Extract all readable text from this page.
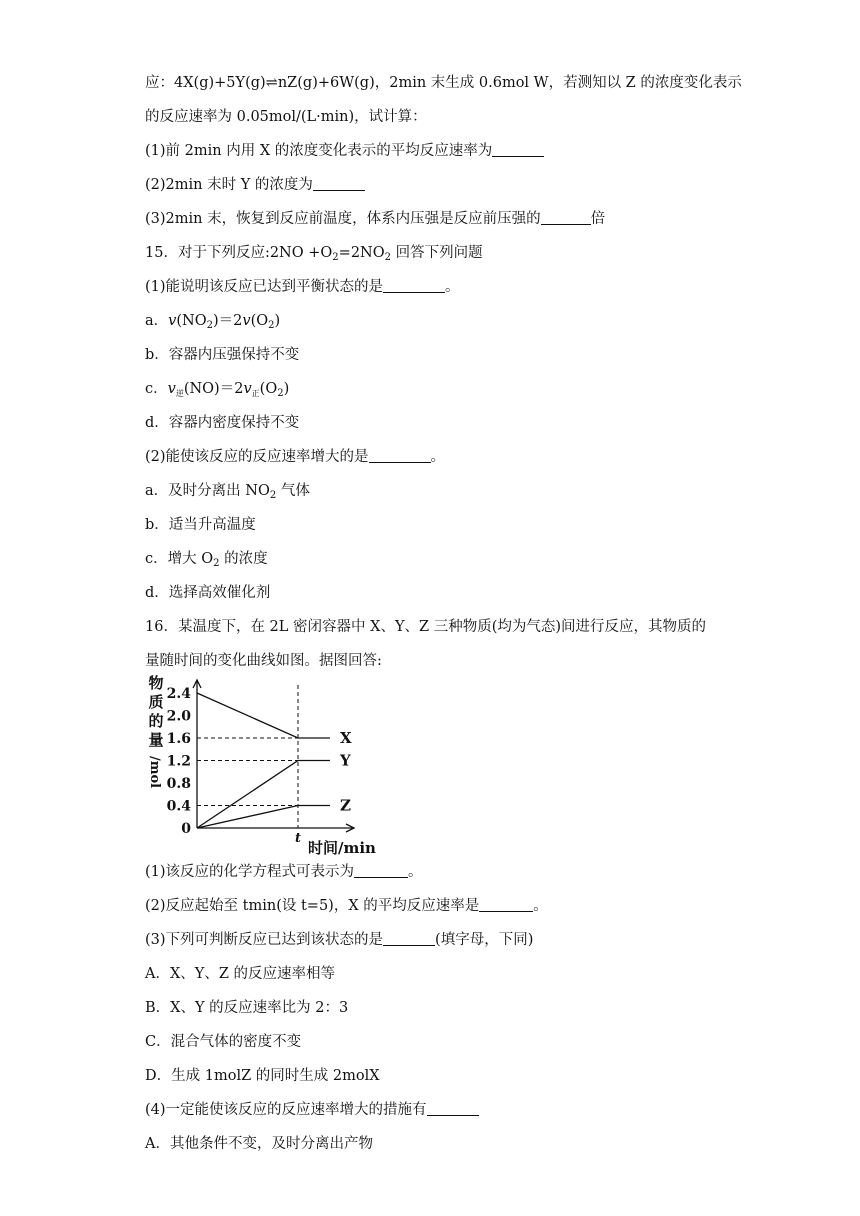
应：4X(g)+5Y(g)⇌nZ(g)+6W(g)，2min 末生成 0.6mol W，若测知以 Z 的浓度变化表示
的反应速率为 0.05mol/(L·min)，试计算：
(1)前 2min 内用 X 的浓度变化表示的平均反应速率为
(2)2min 末时 Y 的浓度为
(3)2min 末，恢复到反应前温度，体系内压强是反应前压强的	倍
15．对于下列反应:2NO $+O_2=2NO_2$ 回答下列问题
(1)能说明该反应已达到平衡状态的是	。
a．$v(NO_2)=2v(O_2)$
b．容器内压强保持不变
c．$v_逆(NO)=2v_正(O_2)$
d．容器内密度保持不变
(2)能使该反应的反应速率增大的是	。
a．及时分离出 $NO_2$ 气体
b．适当升高温度
c．增大 $O_2$ 的浓度
d．选择高效催化剂
16．某温度下，在 2L 密闭容器中 X、Y、Z 三种物质(均为气态)间进行反应，其物质的
量随时间的变化曲线如图。据图回答:
0
0.4
0.8
1.2
1.6
2.0
2.4
X
Y
Z
t
时间/min
物
质
的
量
/mol
(1)该反应的化学方程式可表示为	。
(2)反应起始至 tmin(设 t=5)，X 的平均反应速率是	。
(3)下列可判断反应已达到该状态的是	(填字母，下同)
A．X、Y、Z 的反应速率相等
B．X、Y 的反应速率比为 2：3
C．混合气体的密度不变
D．生成 1molZ 的同时生成 2molX
(4)一定能使该反应的反应速率增大的措施有
A．其他条件不变，及时分离出产物
